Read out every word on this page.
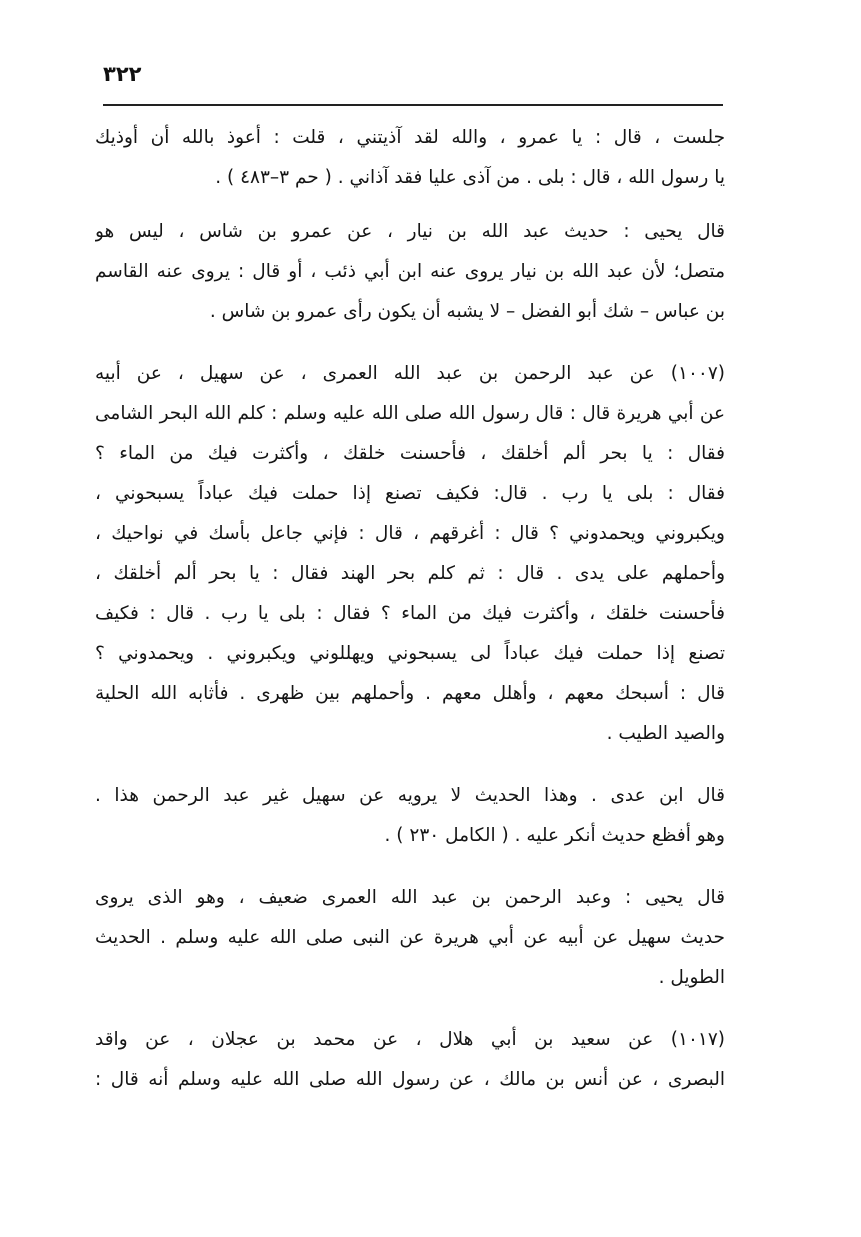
٣٢٢
جلست ، قال : يا عمرو ، والله لقد آذيتني ، قلت : أعوذ بالله أن أوذيك
يا رسول الله ، قال : بلى . من آذى عليا فقد آذاني . ( حم ٣–٤٨٣ ) .
قال يحيى : حديث عبد الله بن نيار ، عن عمرو بن شاس ، ليس هو
متصل؛ لأن عبد الله بن نيار يروى عنه ابن أبي ذئب ، أو قال : يروى عنه القاسم
بن عباس – شك أبو الفضل – لا يشبه أن يكون رأى عمرو بن شاس .
(١٠٠٧) عن عبد الرحمن بن عبد الله العمرى ، عن سهيل ، عن أبيه
عن أبي هريرة قال : قال رسول الله صلى الله عليه وسلم : كلم الله البحر الشامى
فقال : يا بحر ألم أخلقك ، فأحسنت خلقك ، وأكثرت فيك من الماء ؟
فقال : بلى يا رب . قال: فكيف تصنع إذا حملت فيك عباداً يسبحوني ،
ويكبروني ويحمدوني ؟ قال : أغرقهم ، قال : فإني جاعل بأسك في نواحيك ،
وأحملهم على يدى . قال : ثم كلم بحر الهند فقال : يا بحر ألم أخلقك ،
فأحسنت خلقك ، وأكثرت فيك من الماء ؟ فقال : بلى يا رب . قال : فكيف
تصنع إذا حملت فيك عباداً لى يسبحوني ويهللوني ويكبروني . ويحمدوني ؟
قال : أسبحك معهم ، وأهلل معهم . وأحملهم بين ظهرى . فأثابه الله الحلية
والصيد الطيب .
قال ابن عدى . وهذا الحديث لا يرويه عن سهيل غير عبد الرحمن هذا .
وهو أفظع حديث أنكر عليه . ( الكامل ٢٣٠ ) .
قال يحيى : وعبد الرحمن بن عبد الله العمرى ضعيف ، وهو الذى يروى
حديث سهيل عن أبيه عن أبي هريرة عن النبى صلى الله عليه وسلم . الحديث
الطويل .
(١٠١٧) عن سعيد بن أبي هلال ، عن محمد بن عجلان ، عن واقد
البصرى ، عن أنس بن مالك ، عن رسول الله صلى الله عليه وسلم أنه قال :
